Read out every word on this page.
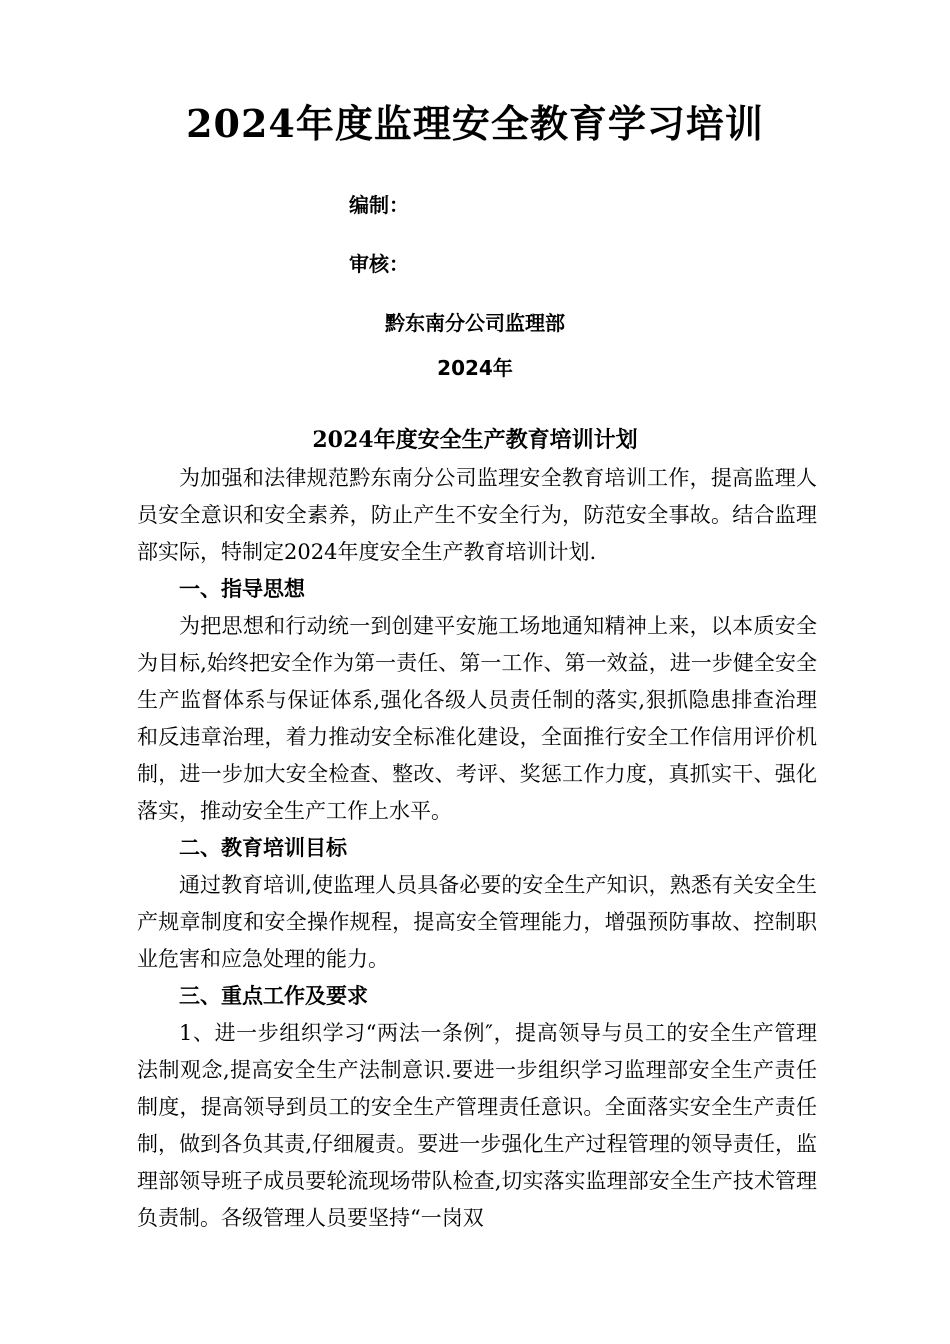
2024年度监理安全教育学习培训
编制：
审核：
黔东南分公司监理部
2024年
2024年度安全生产教育培训计划

为加强和法律规范黔东南分公司监理安全教育培训工作，提高监理人员安全意识和安全素养，防止产生不安全行为，防范安全事故。结合监理部实际，特制定2024年度安全生产教育培训计划.

一、指导思想

为把思想和行动统一到创建平安施工场地通知精神上来，以本质安全为目标,始终把安全作为第一责任、第一工作、第一效益，进一步健全安全生产监督体系与保证体系,强化各级人员责任制的落实,狠抓隐患排查治理和反违章治理，着力推动安全标准化建设，全面推行安全工作信用评价机制，进一步加大安全检查、整改、考评、奖惩工作力度，真抓实干、强化落实，推动安全生产工作上水平。

二、教育培训目标

通过教育培训,使监理人员具备必要的安全生产知识，熟悉有关安全生产规章制度和安全操作规程，提高安全管理能力，增强预防事故、控制职业危害和应急处理的能力。

三、重点工作及要求

1、进一步组织学习“两法一条例″，提高领导与员工的安全生产管理法制观念,提高安全生产法制意识.要进一步组织学习监理部安全生产责任制度，提高领导到员工的安全生产管理责任意识。全面落实安全生产责任制，做到各负其责,仔细履责。要进一步强化生产过程管理的领导责任，监理部领导班子成员要轮流现场带队检查,切实落实监理部安全生产技术管理负责制。各级管理人员要坚持“一岗双
